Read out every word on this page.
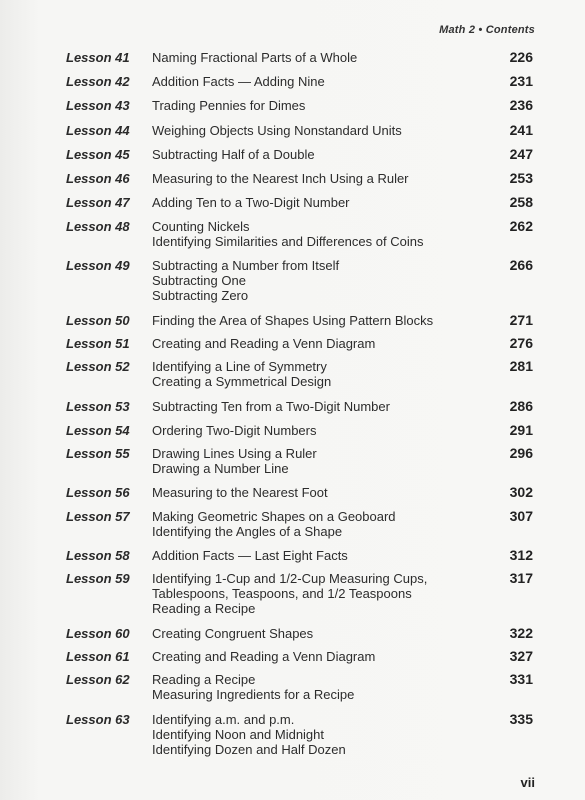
Math 2 • Contents
Lesson 41	Naming Fractional Parts of a Whole	226
Lesson 42	Addition Facts — Adding Nine	231
Lesson 43	Trading Pennies for Dimes	236
Lesson 44	Weighing Objects Using Nonstandard Units	241
Lesson 45	Subtracting Half of a Double	247
Lesson 46	Measuring to the Nearest Inch Using a Ruler	253
Lesson 47	Adding Ten to a Two-Digit Number	258
Lesson 48	Counting Nickels
Identifying Similarities and Differences of Coins
262
Lesson 49	Subtracting a Number from Itself
Subtracting One
Subtracting Zero
266
Lesson 50	Finding the Area of Shapes Using Pattern Blocks	271
Lesson 51	Creating and Reading a Venn Diagram	276
Lesson 52	Identifying a Line of Symmetry
Creating a Symmetrical Design
281
Lesson 53	Subtracting Ten from a Two-Digit Number	286
Lesson 54	Ordering Two-Digit Numbers	291
Lesson 55	Drawing Lines Using a Ruler
Drawing a Number Line
296
Lesson 56	Measuring to the Nearest Foot	302
Lesson 57	Making Geometric Shapes on a Geoboard
Identifying the Angles of a Shape
307
Lesson 58	Addition Facts — Last Eight Facts	312
Lesson 59	Identifying 1-Cup and 1/2-Cup Measuring Cups,
Tablespoons, Teaspoons, and 1/2 Teaspoons
Reading a Recipe
317
Lesson 60	Creating Congruent Shapes	322
Lesson 61	Creating and Reading a Venn Diagram	327
Lesson 62	Reading a Recipe
Measuring Ingredients for a Recipe
331
Lesson 63	Identifying a.m. and p.m.
Identifying Noon and Midnight
Identifying Dozen and Half Dozen
335
vii
